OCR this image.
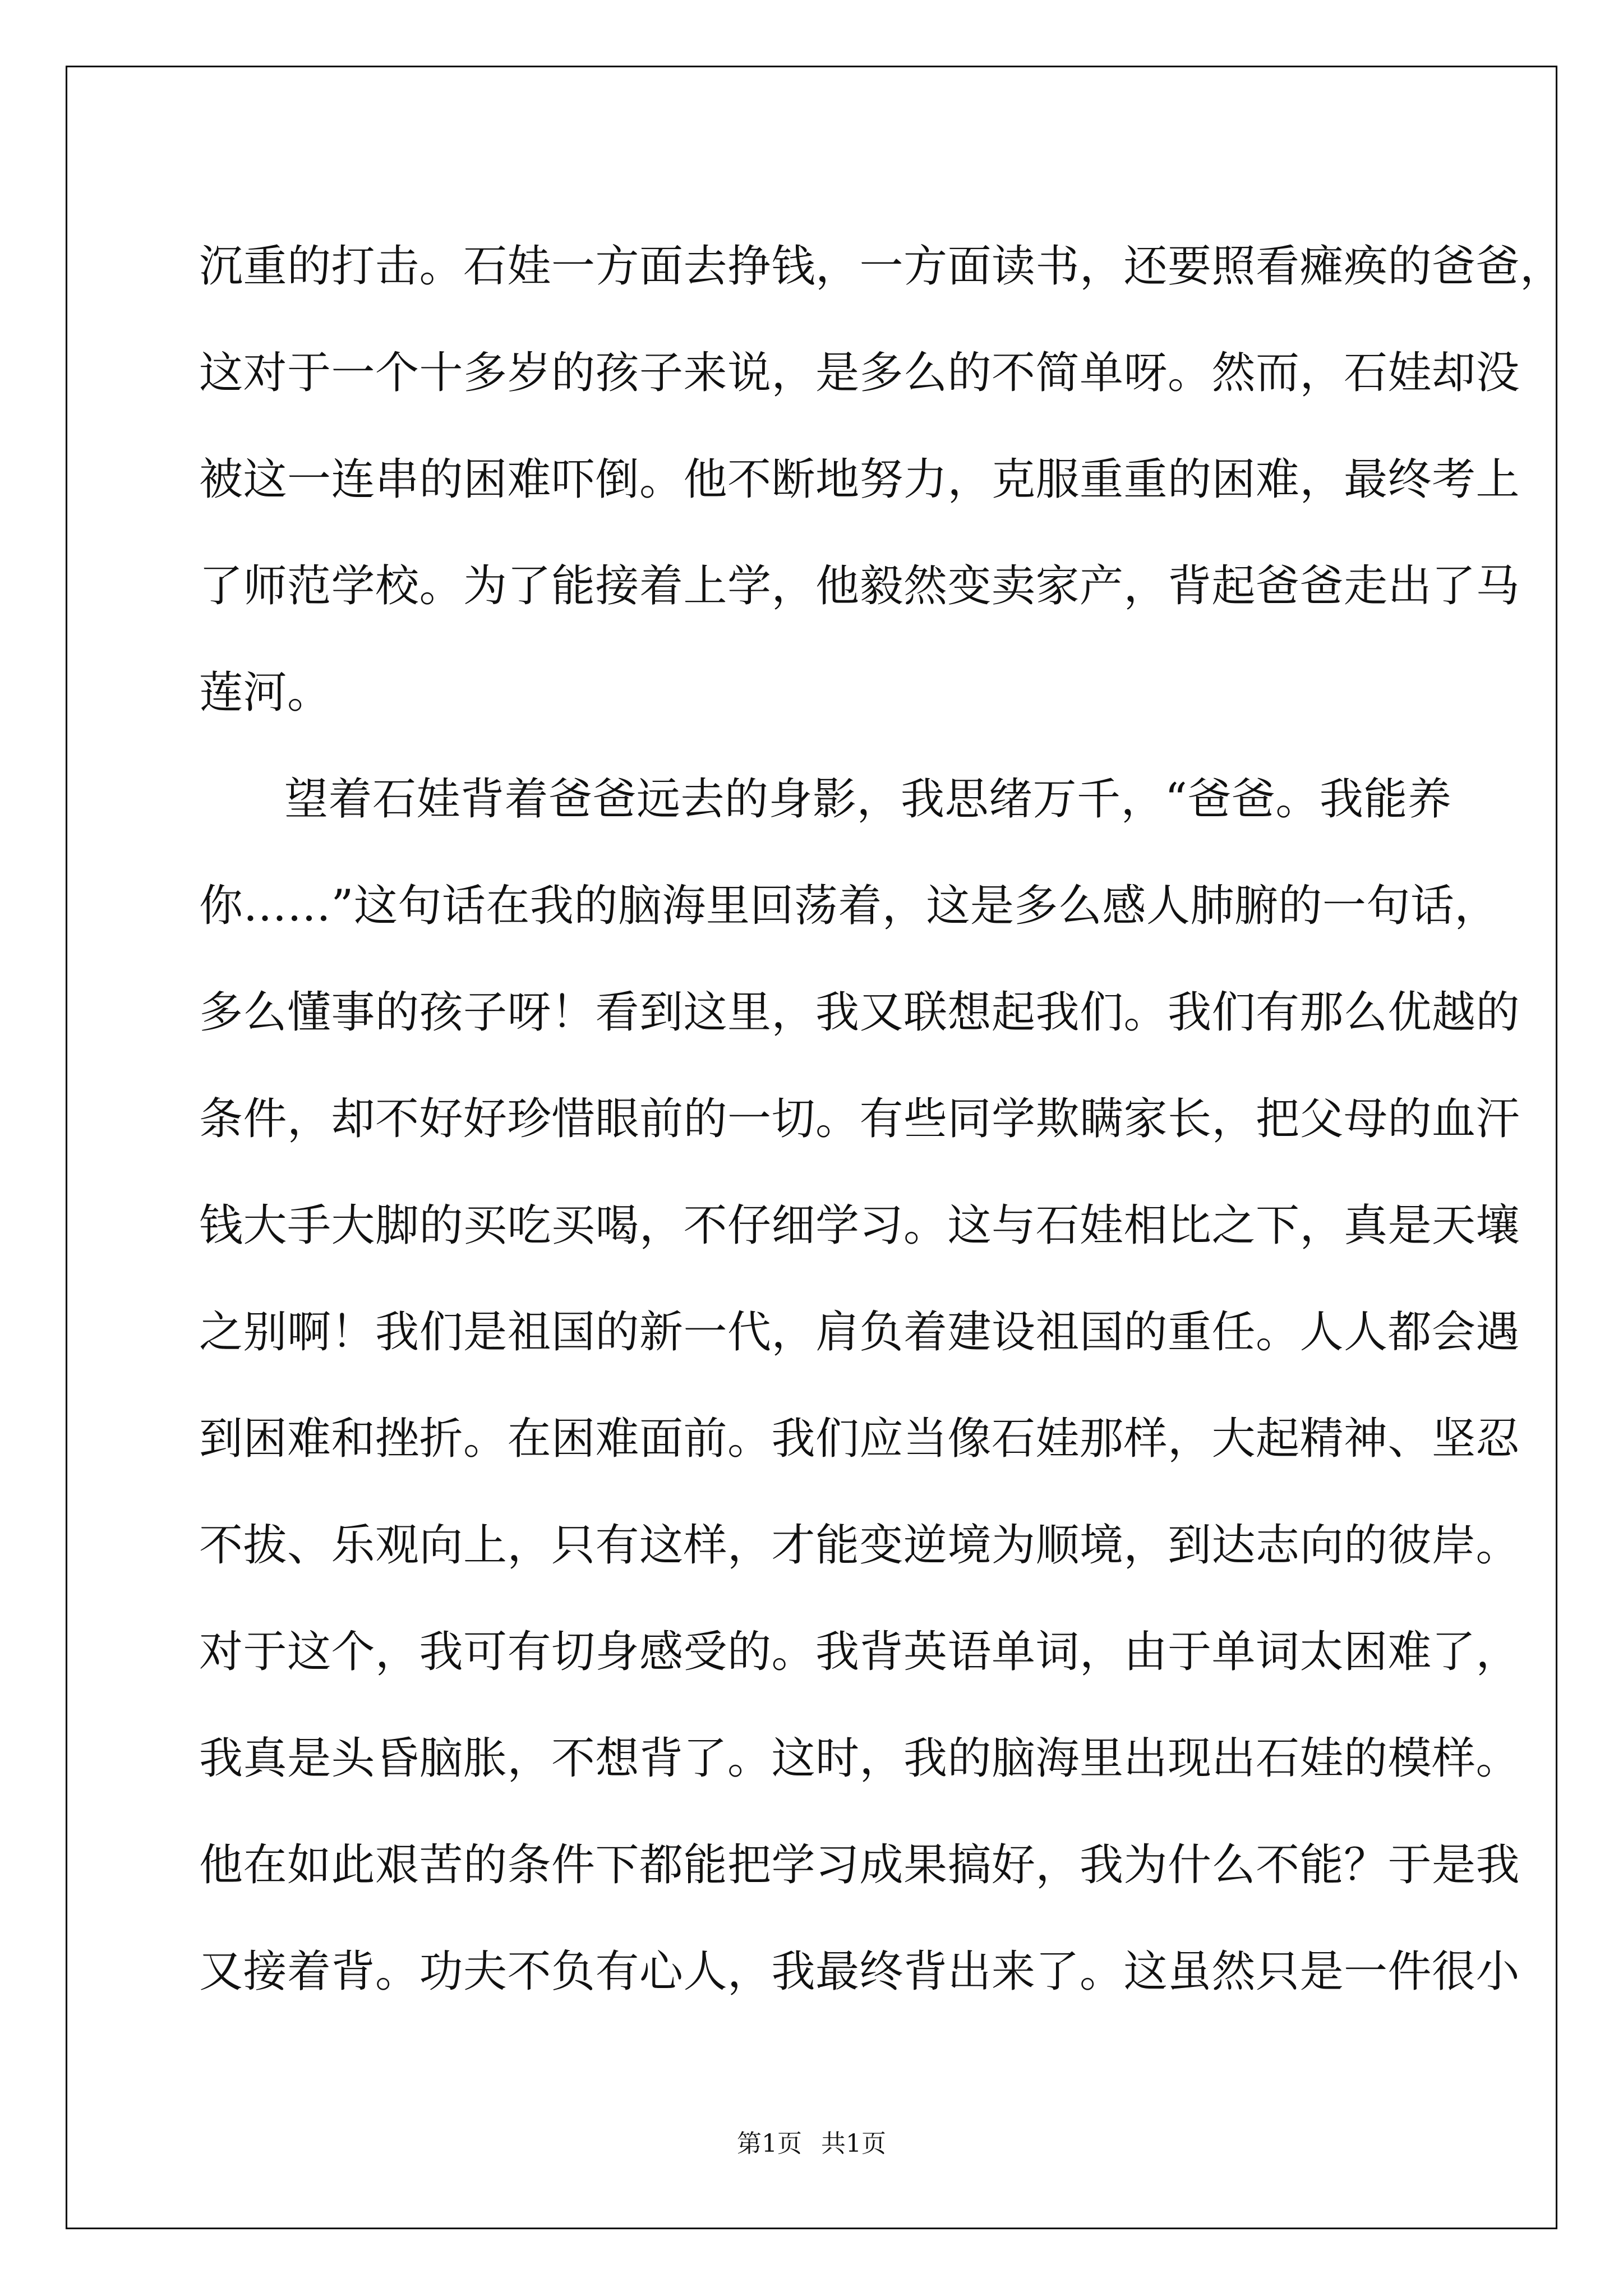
沉重的打击。石娃一方面去挣钱，一方面读书，还要照看瘫痪的爸爸，
这对于一个十多岁的孩子来说，是多么的不简单呀。然而，石娃却没
被这一连串的困难吓倒。他不断地努力，克服重重的困难，最终考上
了师范学校。为了能接着上学，他毅然变卖家产，背起爸爸走出了马
莲河。
望着石娃背着爸爸远去的身影，我思绪万千，“爸爸。我能养
你……”这句话在我的脑海里回荡着，这是多么感人肺腑的一句话，
多么懂事的孩子呀！看到这里，我又联想起我们。我们有那么优越的
条件，却不好好珍惜眼前的一切。有些同学欺瞒家长，把父母的血汗
钱大手大脚的买吃买喝，不仔细学习。这与石娃相比之下，真是天壤
之别啊！我们是祖国的新一代，肩负着建设祖国的重任。人人都会遇
到困难和挫折。在困难面前。我们应当像石娃那样，大起精神、坚忍
不拔、乐观向上，只有这样，才能变逆境为顺境，到达志向的彼岸。
对于这个，我可有切身感受的。我背英语单词，由于单词太困难了，
我真是头昏脑胀，不想背了。这时，我的脑海里出现出石娃的模样。
他在如此艰苦的条件下都能把学习成果搞好，我为什么不能？于是我
又接着背。功夫不负有心人，我最终背出来了。这虽然只是一件很小
第1页 共1页
